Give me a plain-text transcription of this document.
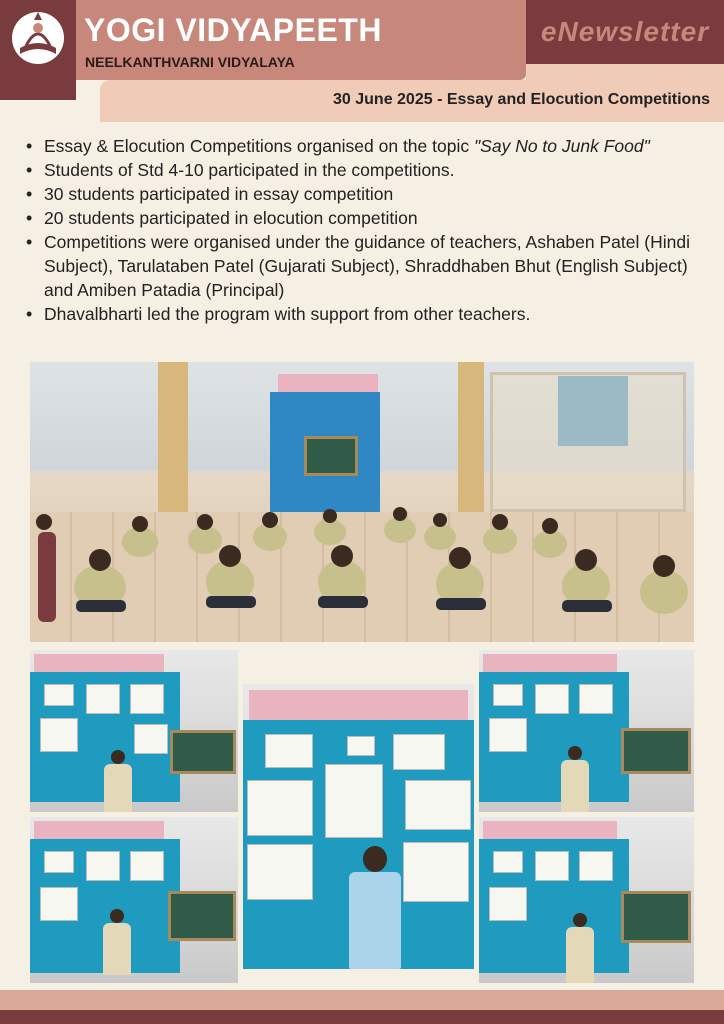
YOGI VIDYAPEETH
NEELKANTHVARNI VIDYALAYA
eNewsletter
30 June 2025 - Essay and Elocution Competitions
• Essay & Elocution Competitions organised on the topic "Say No to Junk Food"
• Students of Std 4-10 participated in the competitions.
• 30 students participated in essay competition
• 20 students participated in elocution competition
• Competitions were organised under the guidance of teachers, Ashaben Patel (Hindi Subject), Tarulataben Patel (Gujarati Subject), Shraddhaben Bhut (English Subject) and Amiben Patadia (Principal)
• Dhavalbharti led the program with support from other teachers.
